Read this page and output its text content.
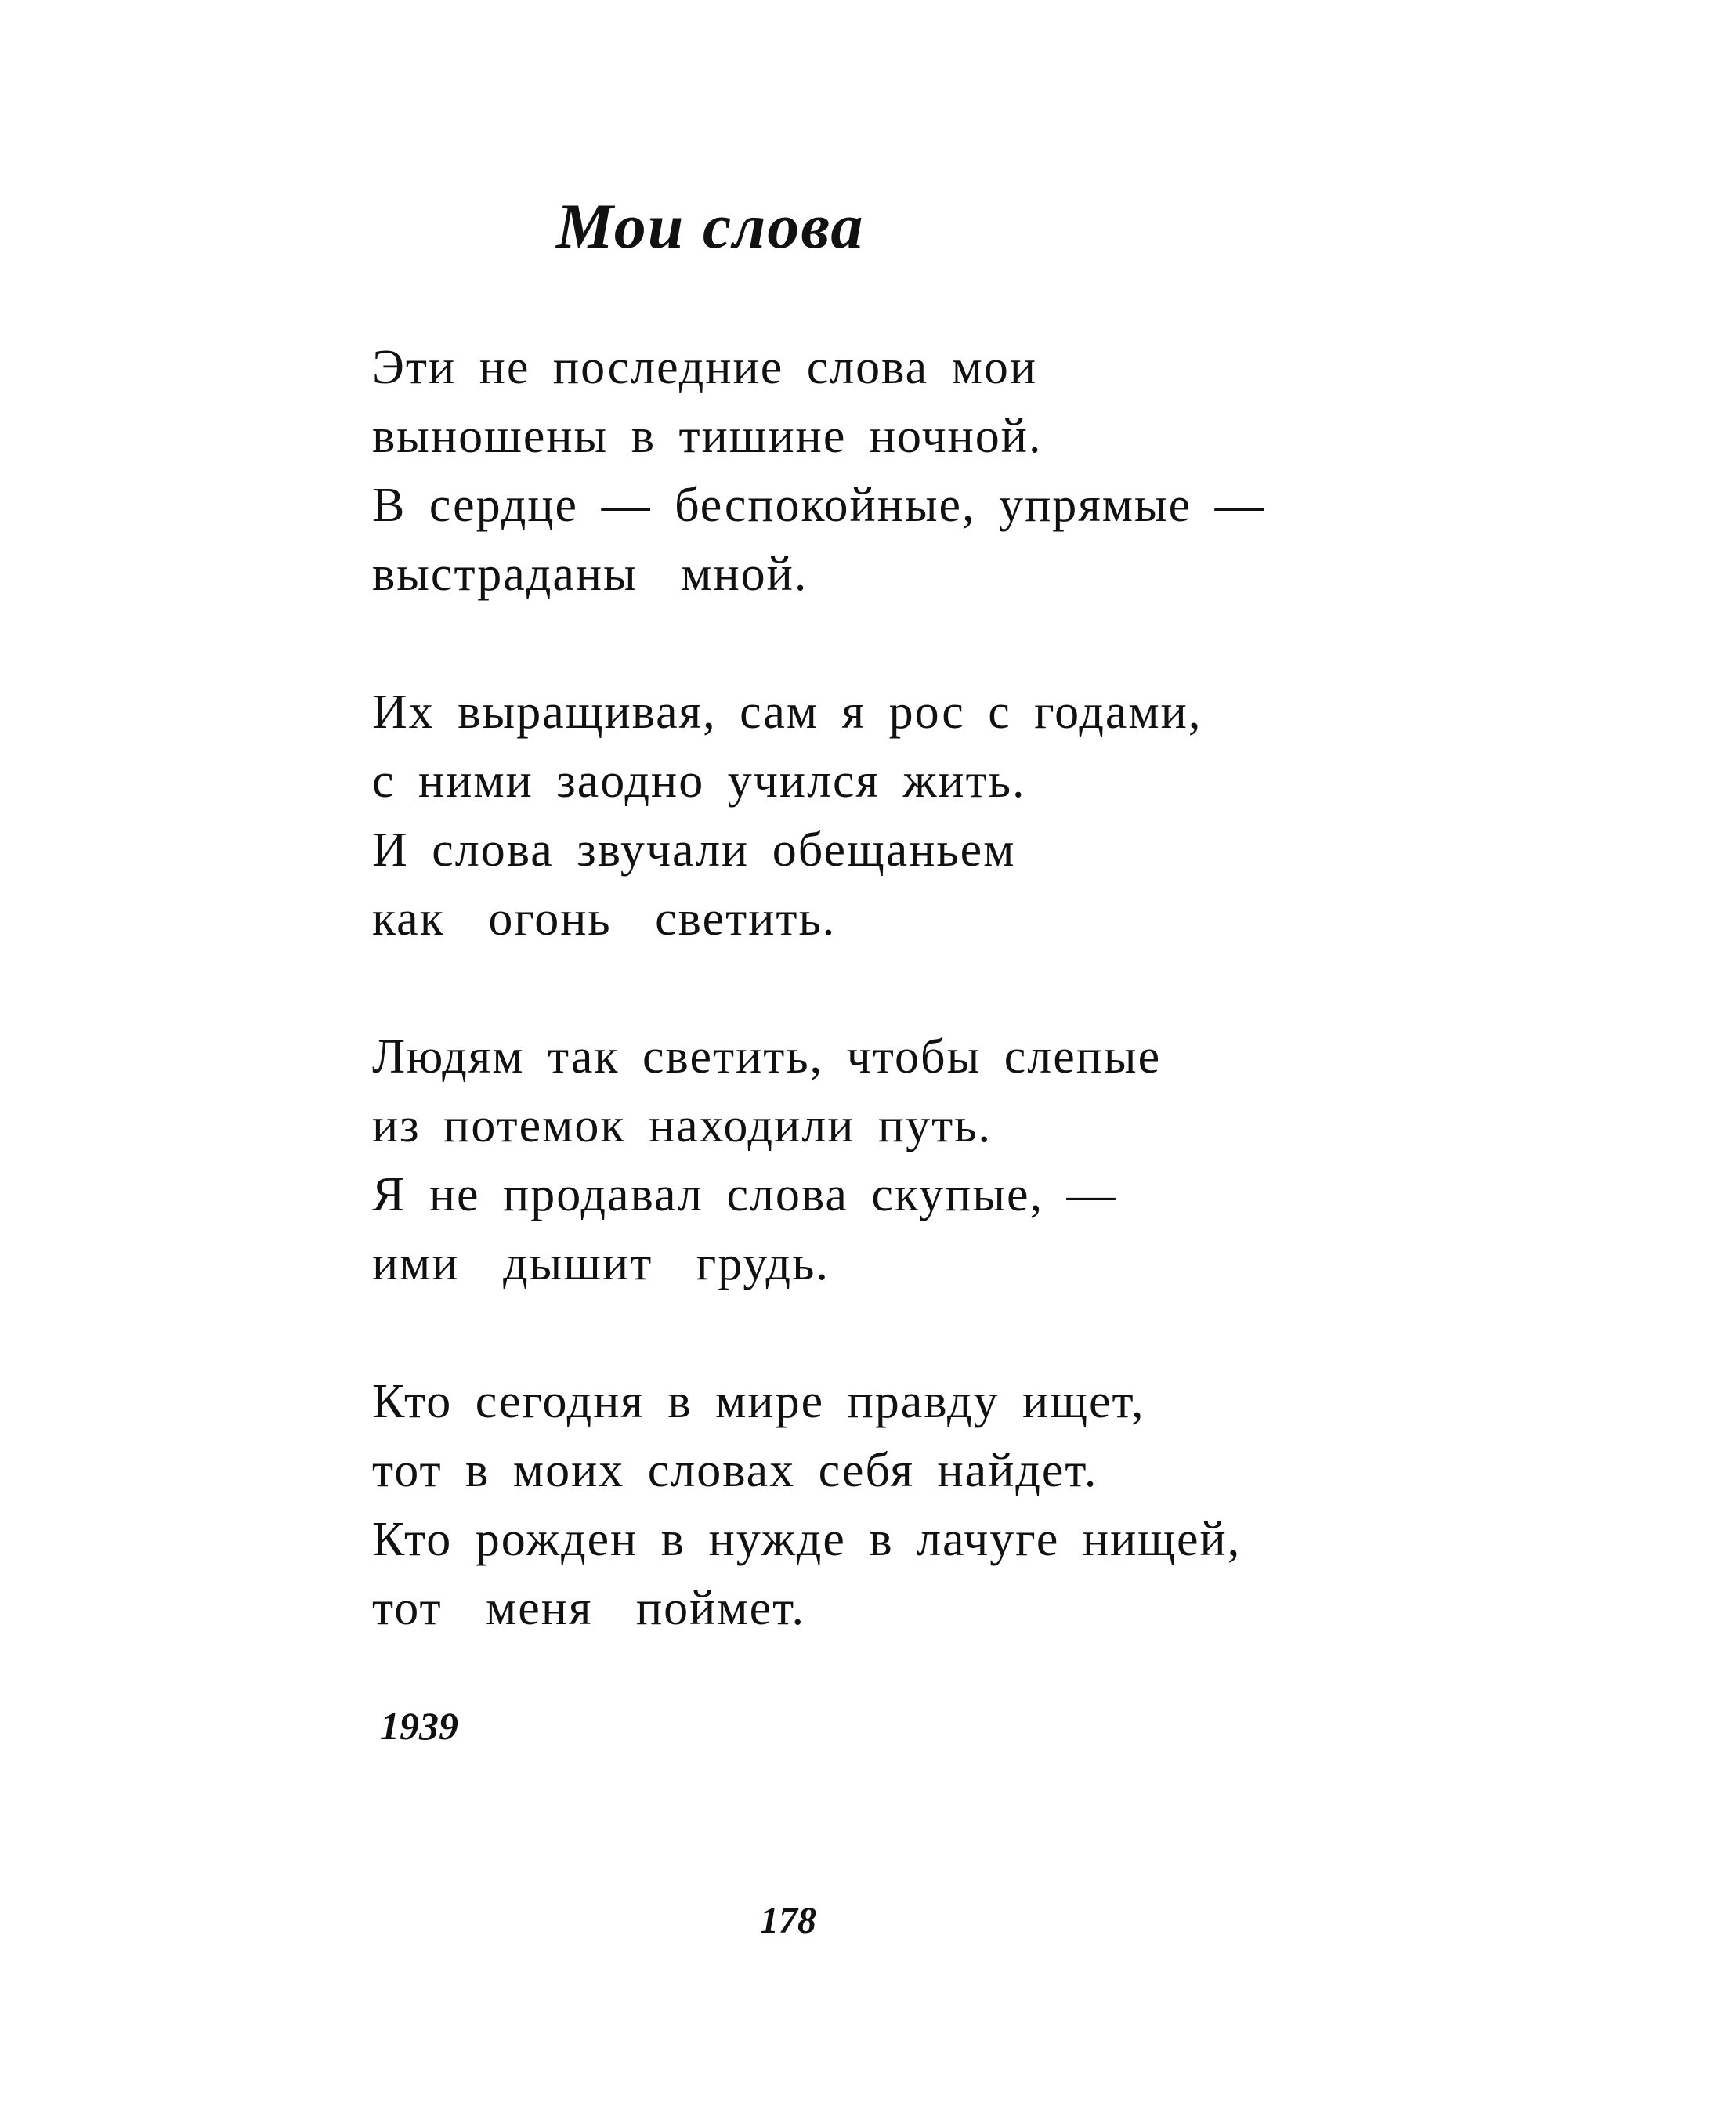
Мои слова
Эти не последние слова мои
выношены в тишине ночной.
В сердце — беспокойные, упрямые —
выстраданы мной.
Их выращивая, сам я рос с годами,
с ними заодно учился жить.
И слова звучали обещаньем
как огонь светить.
Людям так светить, чтобы слепые
из потемок находили путь.
Я не продавал слова скупые, —
ими дышит грудь.
Кто сегодня в мире правду ищет,
тот в моих словах себя найдет.
Кто рожден в нужде в лачуге нищей,
тот меня поймет.
1939
178
